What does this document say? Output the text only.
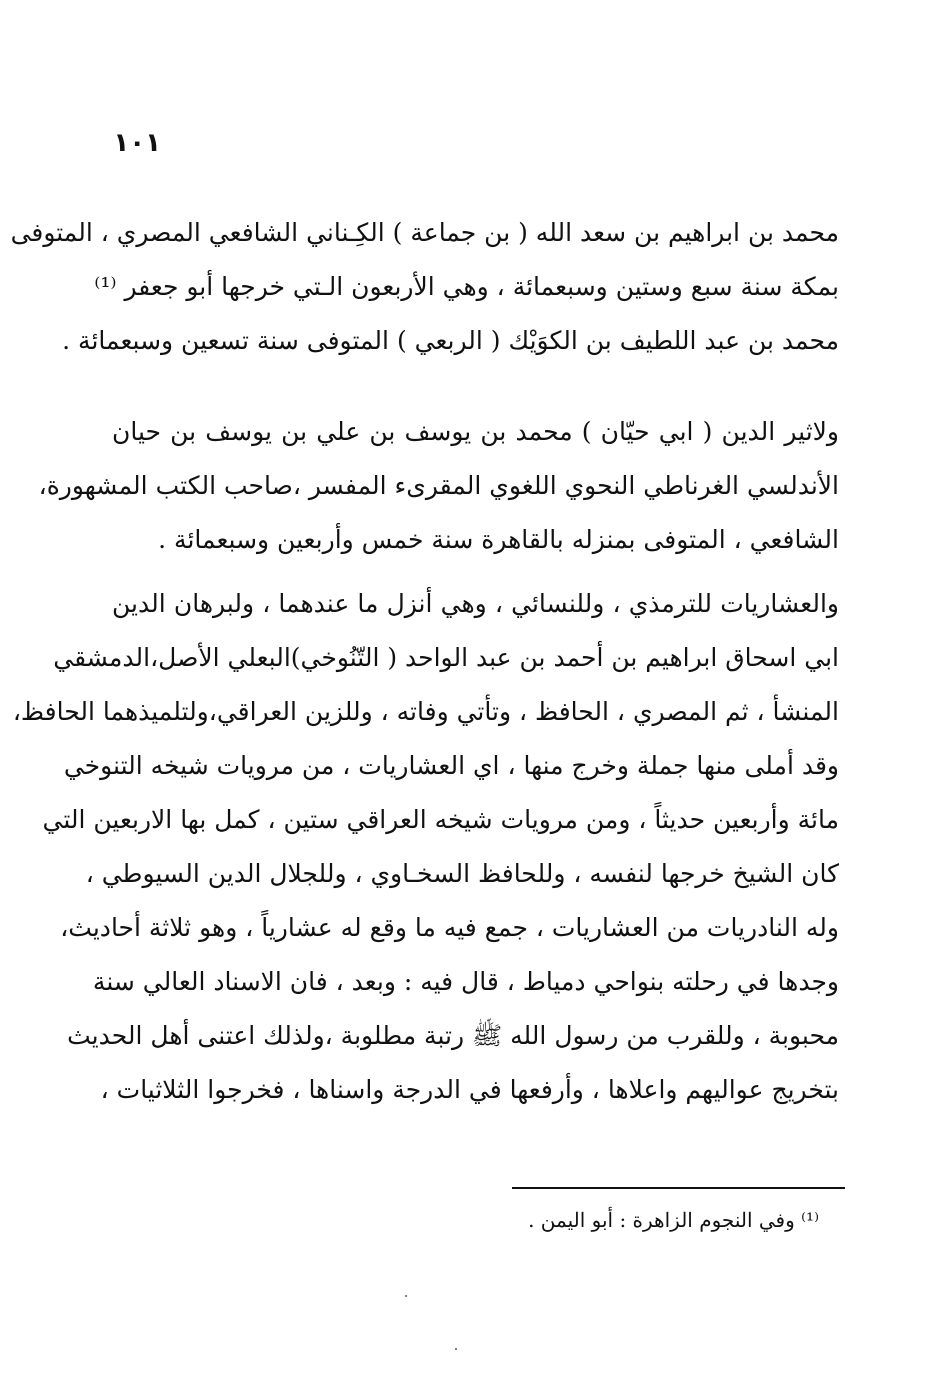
١٠١
محمد بن ابراهيم بن سعد الله ( بن جماعة ) الكِـناني الشافعي المصري ، المتوفى
بمكة سنة سبع وستين وسبعمائة ، وهي الأربعون الـتي خرجها أبو جعفر ⁽¹⁾
محمد بن عبد اللطيف بن الكوَيْك ( الربعي ) المتوفى سنة تسعين وسبعمائة .
ولاثير الدين ( ابي حيّان ) محمد بن يوسف بن علي بن يوسف بن حيان
الأندلسي الغرناطي النحوي اللغوي المقرىء المفسر ،صاحب الكتب المشهورة،
الشافعي ، المتوفى بمنزله بالقاهرة سنة خمس وأربعين وسبعمائة .
والعشاريات للترمذي ، وللنسائي ، وهي أنزل ما عندهما ، ولبرهان الدين
ابي اسحاق ابراهيم بن أحمد بن عبد الواحد ( التّنُوخي)البعلي الأصل،الدمشقي
المنشأ ، ثم المصري ، الحافظ ، وتأتي وفاته ، وللزين العراقي،ولتلميذهما الحافظ،
وقد أملى منها جملة وخرج منها ، اي العشاريات ، من مرويات شيخه التنوخي
مائة وأربعين حديثاً ، ومن مرويات شيخه العراقي ستين ، كمل بها الاربعين التي
كان الشيخ خرجها لنفسه ، وللحافظ السخـاوي ، وللجلال الدين السيوطي ،
وله النادريات من العشاريات ، جمع فيه ما وقع له عشارياً ، وهو ثلاثة أحاديث،
وجدها في رحلته بنواحي دمياط ، قال فيه : وبعد ، فان الاسناد العالي سنة
محبوبة ، وللقرب من رسول الله ﷺ رتبة مطلوبة ،ولذلك اعتنى أهل الحديث
بتخريج عواليهم واعلاها ، وأرفعها في الدرجة واسناها ، فخرجوا الثلاثيات ،
⁽¹⁾ وفي النجوم الزاهرة : أبو اليمن .
